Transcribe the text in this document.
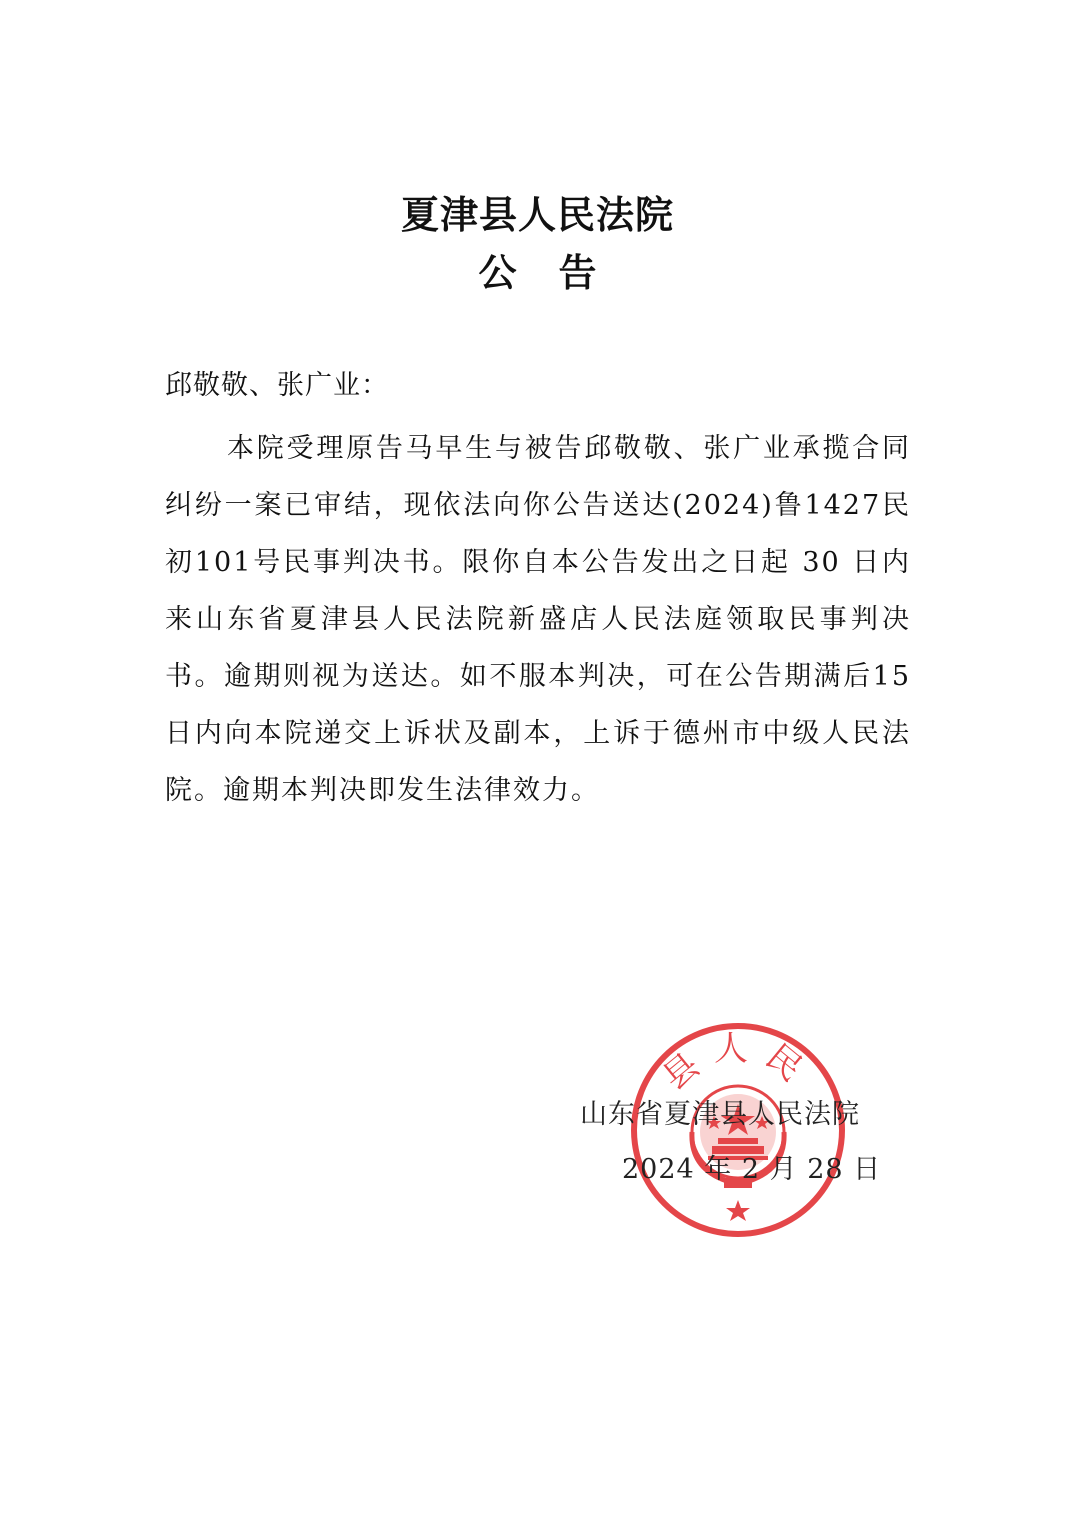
夏津县人民法院
公告
邱敬敬、张广业：

本院受理原告马早生与被告邱敬敬、张广业承揽合同纠纷一案已审结，现依法向你公告送达(2024)鲁1427民初101号民事判决书。限你自本公告发出之日起 30 日内来山东省夏津县人民法院新盛店人民法庭领取民事判决书。逾期则视为送达。如不服本判决，可在公告期满后15日内向本院递交上诉状及副本，上诉于德州市中级人民法院。逾期本判决即发生法律效力。

县人民
山东省夏津县人民法院
2024 年 2 月 28 日
